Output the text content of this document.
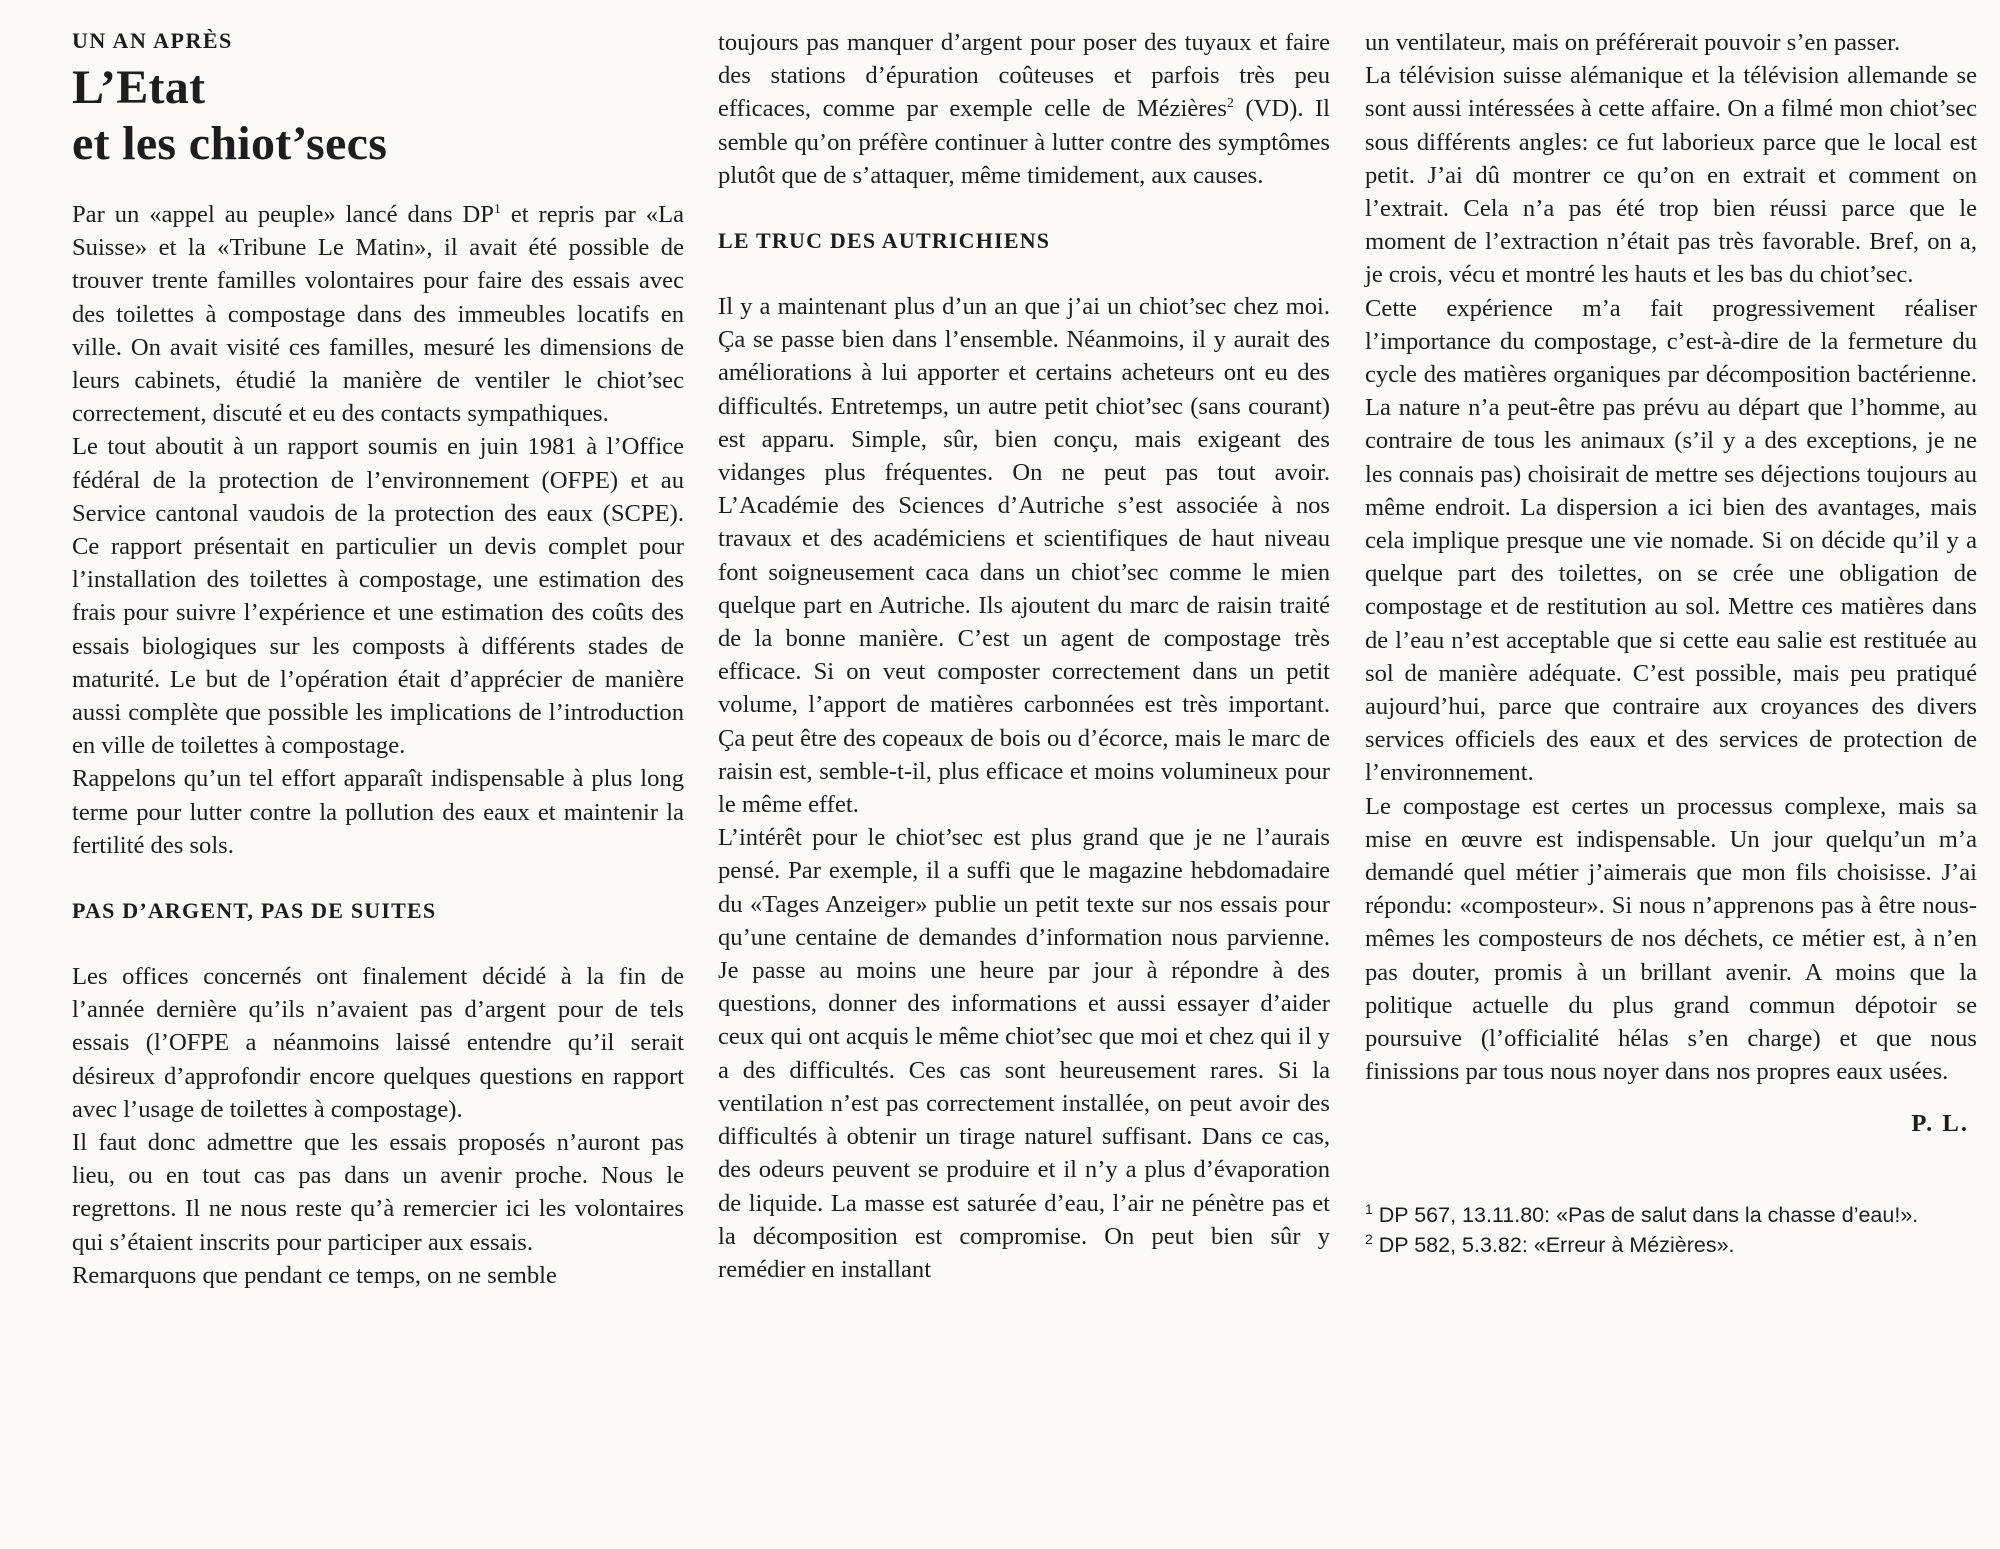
UN AN APRÈS
L’Etat
et les chiot’secs

Par un «appel au peuple» lancé dans $DP^1$ et repris par «La Suisse» et la «Tribune Le Matin», il avait été possible de trouver trente familles volontaires pour faire des essais avec des toilettes à compostage dans des immeubles locatifs en ville. On avait visité ces familles, mesuré les dimensions de leurs cabinets, étudié la manière de ventiler le chiot’sec correctement, discuté et eu des contacts sympathiques.

Le tout aboutit à un rapport soumis en juin 1981 à l’Office fédéral de la protection de l’environnement (OFPE) et au Service cantonal vaudois de la protection des eaux (SCPE). Ce rapport présentait en particulier un devis complet pour l’installation des toilettes à compostage, une estimation des frais pour suivre l’expérience et une estimation des coûts des essais biologiques sur les composts à différents stades de maturité. Le but de l’opération était d’apprécier de manière aussi complète que possible les implications de l’introduction en ville de toilettes à compostage.

Rappelons qu’un tel effort apparaît indispensable à plus long terme pour lutter contre la pollution des eaux et maintenir la fertilité des sols.

PAS D’ARGENT, PAS DE SUITES

Les offices concernés ont finalement décidé à la fin de l’année dernière qu’ils n’avaient pas d’argent pour de tels essais (l’OFPE a néanmoins laissé entendre qu’il serait désireux d’approfondir encore quelques questions en rapport avec l’usage de toilettes à compostage).

Il faut donc admettre que les essais proposés n’auront pas lieu, ou en tout cas pas dans un avenir proche. Nous le regrettons. Il ne nous reste qu’à remercier ici les volontaires qui s’étaient inscrits pour participer aux essais.

Remarquons que pendant ce temps, on ne semble

toujours pas manquer d’argent pour poser des tuyaux et faire des stations d’épuration coûteuses et parfois très peu efficaces, comme par exemple celle de Mézières$^2$ (VD). Il semble qu’on préfère continuer à lutter contre des symptômes plutôt que de s’attaquer, même timidement, aux causes.

LE TRUC DES AUTRICHIENS

Il y a maintenant plus d’un an que j’ai un chiot’sec chez moi. Ça se passe bien dans l’ensemble. Néanmoins, il y aurait des améliorations à lui apporter et certains acheteurs ont eu des difficultés. Entretemps, un autre petit chiot’sec (sans courant) est apparu. Simple, sûr, bien conçu, mais exigeant des vidanges plus fréquentes. On ne peut pas tout avoir. L’Académie des Sciences d’Autriche s’est associée à nos travaux et des académiciens et scientifiques de haut niveau font soigneusement caca dans un chiot’sec comme le mien quelque part en Autriche. Ils ajoutent du marc de raisin traité de la bonne manière. C’est un agent de compostage très efficace. Si on veut composter correctement dans un petit volume, l’apport de matières carbonnées est très important. Ça peut être des copeaux de bois ou d’écorce, mais le marc de raisin est, semble-t-il, plus efficace et moins volumineux pour le même effet.

L’intérêt pour le chiot’sec est plus grand que je ne l’aurais pensé. Par exemple, il a suffi que le magazine hebdomadaire du «Tages Anzeiger» publie un petit texte sur nos essais pour qu’une centaine de demandes d’information nous parvienne. Je passe au moins une heure par jour à répondre à des questions, donner des informations et aussi essayer d’aider ceux qui ont acquis le même chiot’sec que moi et chez qui il y a des difficultés. Ces cas sont heureusement rares. Si la ventilation n’est pas correctement installée, on peut avoir des difficultés à obtenir un tirage naturel suffisant. Dans ce cas, des odeurs peuvent se produire et il n’y a plus d’évaporation de liquide. La masse est saturée d’eau, l’air ne pénètre pas et la décomposition est compromise. On peut bien sûr y remédier en installant

un ventilateur, mais on préférerait pouvoir s’en passer.

La télévision suisse alémanique et la télévision allemande se sont aussi intéressées à cette affaire. On a filmé mon chiot’sec sous différents angles: ce fut laborieux parce que le local est petit. J’ai dû montrer ce qu’on en extrait et comment on l’extrait. Cela n’a pas été trop bien réussi parce que le moment de l’extraction n’était pas très favorable. Bref, on a, je crois, vécu et montré les hauts et les bas du chiot’sec.

Cette expérience m’a fait progressivement réaliser l’importance du compostage, c’est-à-dire de la fermeture du cycle des matières organiques par décomposition bactérienne. La nature n’a peut-être pas prévu au départ que l’homme, au contraire de tous les animaux (s’il y a des exceptions, je ne les connais pas) choisirait de mettre ses déjections toujours au même endroit. La dispersion a ici bien des avantages, mais cela implique presque une vie nomade. Si on décide qu’il y a quelque part des toilettes, on se crée une obligation de compostage et de restitution au sol. Mettre ces matières dans de l’eau n’est acceptable que si cette eau salie est restituée au sol de manière adéquate. C’est possible, mais peu pratiqué aujourd’hui, parce que contraire aux croyances des divers services officiels des eaux et des services de protection de l’environnement.

Le compostage est certes un processus complexe, mais sa mise en œuvre est indispensable. Un jour quelqu’un m’a demandé quel métier j’aimerais que mon fils choisisse. J’ai répondu: «composteur». Si nous n’apprenons pas à être nous-mêmes les composteurs de nos déchets, ce métier est, à n’en pas douter, promis à un brillant avenir. A moins que la politique actuelle du plus grand commun dépotoir se poursuive (l’officialité hélas s’en charge) et que nous finissions par tous nous noyer dans nos propres eaux usées.

P. L.

$^1$ DP 567, 13.11.80: «Pas de salut dans la chasse d’eau!».

$^2$ DP 582, 5.3.82: «Erreur à Mézières».
